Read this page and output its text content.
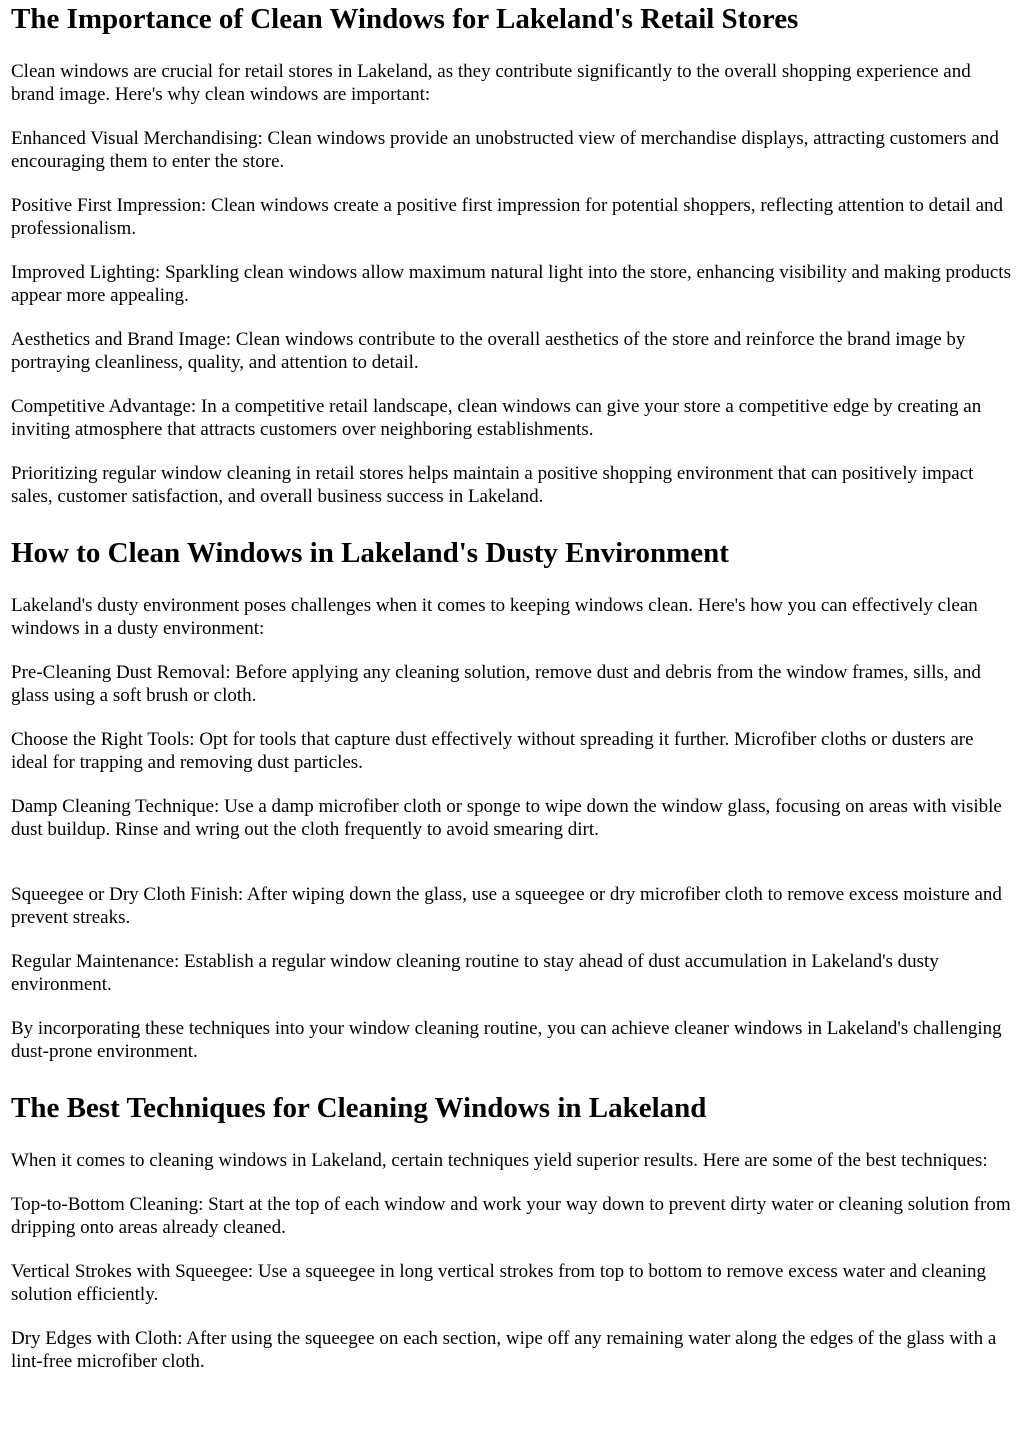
The Importance of Clean Windows for Lakeland's Retail Stores

Clean windows are crucial for retail stores in Lakeland, as they contribute significantly to the overall shopping experience and brand image. Here's why clean windows are important:

Enhanced Visual Merchandising: Clean windows provide an unobstructed view of merchandise displays, attracting customers and encouraging them to enter the store.

Positive First Impression: Clean windows create a positive first impression for potential shoppers, reflecting attention to detail and professionalism.

Improved Lighting: Sparkling clean windows allow maximum natural light into the store, enhancing visibility and making products appear more appealing.

Aesthetics and Brand Image: Clean windows contribute to the overall aesthetics of the store and reinforce the brand image by portraying cleanliness, quality, and attention to detail.

Competitive Advantage: In a competitive retail landscape, clean windows can give your store a competitive edge by creating an inviting atmosphere that attracts customers over neighboring establishments.

Prioritizing regular window cleaning in retail stores helps maintain a positive shopping environment that can positively impact sales, customer satisfaction, and overall business success in Lakeland.

How to Clean Windows in Lakeland's Dusty Environment

Lakeland's dusty environment poses challenges when it comes to keeping windows clean. Here's how you can effectively clean windows in a dusty environment:

Pre-Cleaning Dust Removal: Before applying any cleaning solution, remove dust and debris from the window frames, sills, and glass using a soft brush or cloth.

Choose the Right Tools: Opt for tools that capture dust effectively without spreading it further. Microfiber cloths or dusters are ideal for trapping and removing dust particles.

Damp Cleaning Technique: Use a damp microfiber cloth or sponge to wipe down the window glass, focusing on areas with visible dust buildup. Rinse and wring out the cloth frequently to avoid smearing dirt.

Squeegee or Dry Cloth Finish: After wiping down the glass, use a squeegee or dry microfiber cloth to remove excess moisture and prevent streaks.

Regular Maintenance: Establish a regular window cleaning routine to stay ahead of dust accumulation in Lakeland's dusty environment.

By incorporating these techniques into your window cleaning routine, you can achieve cleaner windows in Lakeland's challenging dust-prone environment.

The Best Techniques for Cleaning Windows in Lakeland

When it comes to cleaning windows in Lakeland, certain techniques yield superior results. Here are some of the best techniques:

Top-to-Bottom Cleaning: Start at the top of each window and work your way down to prevent dirty water or cleaning solution from dripping onto areas already cleaned.

Vertical Strokes with Squeegee: Use a squeegee in long vertical strokes from top to bottom to remove excess water and cleaning solution efficiently.

Dry Edges with Cloth: After using the squeegee on each section, wipe off any remaining water along the edges of the glass with a lint-free microfiber cloth.
